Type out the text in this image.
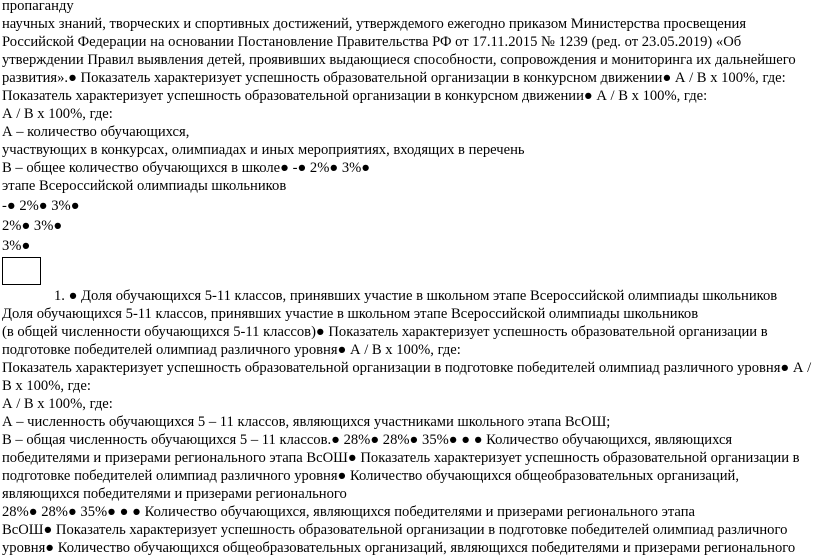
пропаганду
научных знаний, творческих и спортивных достижений, утверждемого ежегодно приказом Министерства просвещения
Российской Федерации на основании Постановление Правительства РФ от 17.11.2015 № 1239 (ред. от 23.05.2019) «Об
утверждении Правил выявления детей, проявивших выдающиеся способности, сопровождения и мониторинга их дальнейшего
развития».● Показатель характеризует успешность образовательной организации в конкурсном движении● А / В х 100%, где:
Показатель характеризует успешность образовательной организации в конкурсном движении● А / В х 100%, где:
А / В х 100%, где:
А – количество обучающихся,
участвующих в конкурсах, олимпиадах и иных мероприятиях, входящих в перечень
В – общее количество обучающихся в школе● -● 2%● 3%●
этапе Всероссийской олимпиады школьников
-● 2%● 3%●
2%● 3%●
3%●
1. ● Доля обучающихся 5-11 классов, принявших участие в школьном этапе Всероссийской олимпиады школьников
Доля обучающихся 5-11 классов, принявших участие в школьном этапе Всероссийской олимпиады школьников
(в общей численности обучающихся 5-11 классов)● Показатель характеризует успешность образовательной организации в
подготовке победителей олимпиад различного уровня● А / В х 100%, где:
Показатель характеризует успешность образовательной организации в подготовке победителей олимпиад различного уровня● А /
В х 100%, где:
А / В х 100%, где:
А – численность обучающихся 5 – 11 классов, являющихся участниками школьного этапа ВсОШ;
В – общая численность обучающихся 5 – 11 классов.● 28%● 28%● 35%● ● ● Количество обучающихся, являющихся
победителями и призерами регионального этапа ВсОШ● Показатель характеризует успешность образовательной организации в
подготовке победителей олимпиад различного уровня● Количество обучающихся общеобразовательных организаций,
являющихся победителями и призерами регионального
28%● 28%● 35%● ● ● Количество обучающихся, являющихся победителями и призерами регионального этапа
ВсОШ● Показатель характеризует успешность образовательной организации в подготовке победителей олимпиад различного
уровня● Количество обучающихся общеобразовательных организаций, являющихся победителями и призерами регионального
